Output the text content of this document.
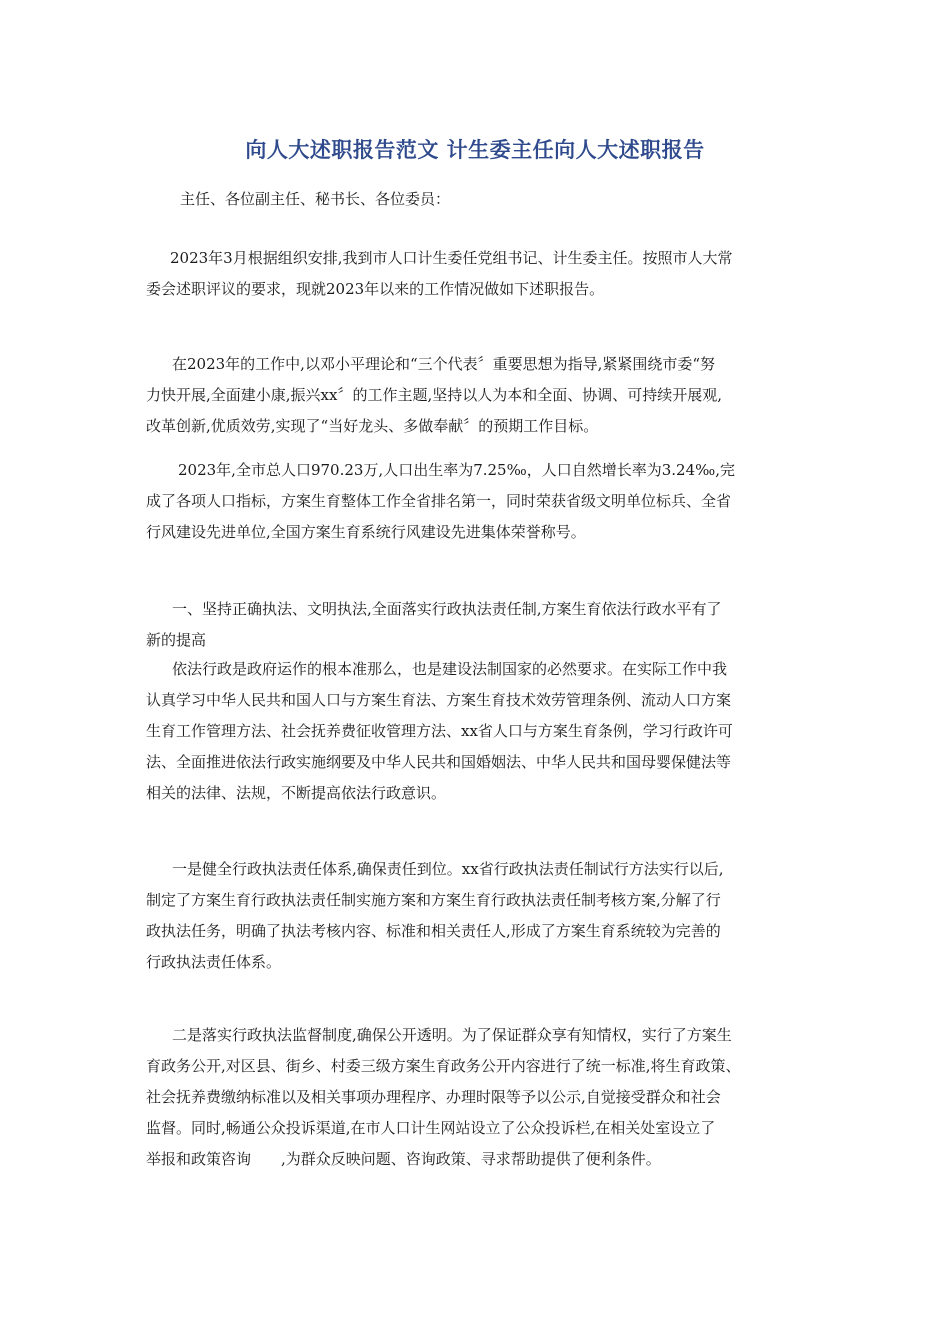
向人大述职报告范文 计生委主任向人大述职报告
主任、各位副主任、秘书长、各位委员：
2023年3月根据组织安排,我到市人口计生委任党组书记、计生委主任。按照市人大常
委会述职评议的要求，现就2023年以来的工作情况做如下述职报告。
在2023年的工作中,以邓小平理论和“三个代表〞重要思想为指导,紧紧围绕市委“努
力快开展,全面建小康,振兴xx〞的工作主题,坚持以人为本和全面、协调、可持续开展观,
改革创新,优质效劳,实现了“当好龙头、多做奉献〞的预期工作目标。
2023年,全市总人口970.23万,人口出生率为7.25‰，人口自然增长率为3.24‰,完
成了各项人口指标，方案生育整体工作全省排名第一，同时荣获省级文明单位标兵、全省
行风建设先进单位,全国方案生育系统行风建设先进集体荣誉称号。
一、坚持正确执法、文明执法,全面落实行政执法责任制,方案生育依法行政水平有了
新的提高
依法行政是政府运作的根本准那么，也是建设法制国家的必然要求。在实际工作中我
认真学习中华人民共和国人口与方案生育法、方案生育技术效劳管理条例、流动人口方案
生育工作管理方法、社会抚养费征收管理方法、xx省人口与方案生育条例，学习行政许可
法、全面推进依法行政实施纲要及中华人民共和国婚姻法、中华人民共和国母婴保健法等
相关的法律、法规，不断提高依法行政意识。
一是健全行政执法责任体系,确保责任到位。xx省行政执法责任制试行方法实行以后,
制定了方案生育行政执法责任制实施方案和方案生育行政执法责任制考核方案,分解了行
政执法任务，明确了执法考核内容、标准和相关责任人,形成了方案生育系统较为完善的
行政执法责任体系。
二是落实行政执法监督制度,确保公开透明。为了保证群众享有知情权，实行了方案生
育政务公开,对区县、街乡、村委三级方案生育政务公开内容进行了统一标准,将生育政策、
社会抚养费缴纳标准以及相关事项办理程序、办理时限等予以公示,自觉接受群众和社会
监督。同时,畅通公众投诉渠道,在市人口计生网站设立了公众投诉栏,在相关处室设立了
举报和政策咨询　　,为群众反映问题、咨询政策、寻求帮助提供了便利条件。
